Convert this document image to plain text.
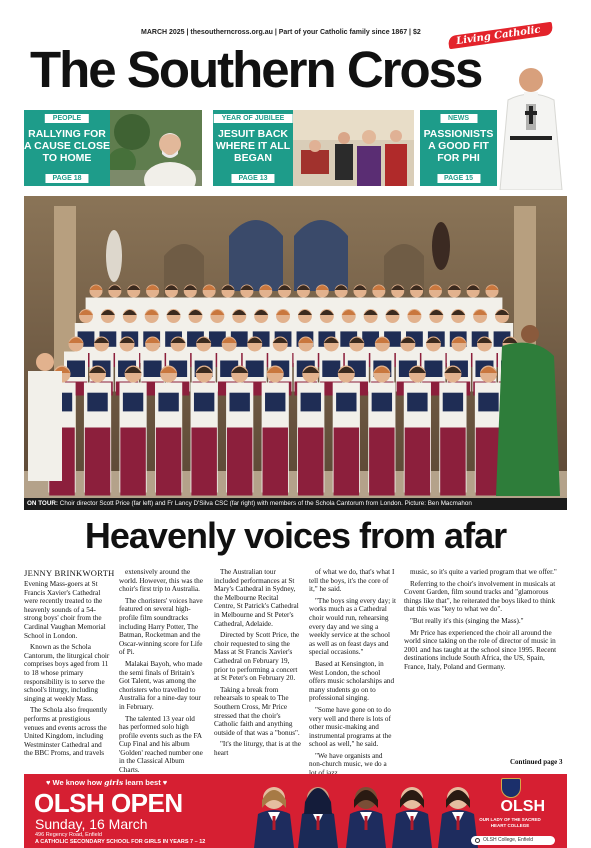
MARCH 2025 | thesoutherncross.org.au | Part of your Catholic family since 1867 | $2	Living Catholic
The Southern Cross
PEOPLE
RALLYING FOR A CAUSE CLOSE TO HOME
PAGE 18
YEAR OF JUBILEE
JESUIT BACK WHERE IT ALL BEGAN
PAGE 13
NEWS
PASSIONISTS A GOOD FIT FOR PHI
PAGE 15
ON TOUR: Choir director Scott Price (far left) and Fr Lancy D'Silva CSC (far right) with members of the Schola Cantorum from London. Picture: Ben Macmahon
Heavenly voices from afar
JENNY BRINKWORTH

Evening Mass-goers at St Francis Xavier's Cathedral were recently treated to the heavenly sounds of a 54-strong boys' choir from the Cardinal Vaughan Memorial School in London.

Known as the Schola Cantorum, the liturgical choir comprises boys aged from 11 to 18 whose primary responsibility is to serve the school's liturgy, including singing at weekly Mass.

The Schola also frequently performs at prestigious venues and events across the United Kingdom, including Westminster Cathedral and the BBC Proms, and travels

extensively around the world. However, this was the choir's first trip to Australia.

The choristers' voices have featured on several high-profile film soundtracks including Harry Potter, The Batman, Rocketman and the Oscar-winning score for Life of Pi.

Malakai Bayoh, who made the semi finals of Britain's Got Talent, was among the choristers who travelled to Australia for a nine-day tour in February.

The talented 13 year old has performed solo high profile events such as the FA Cup Final and his album 'Golden' reached number one in the Classical Album Charts.

The Australian tour included performances at St Mary's Cathedral in Sydney, the Melbourne Recital Centre, St Patrick's Cathedral in Melbourne and St Peter's Cathedral, Adelaide.

Directed by Scott Price, the choir requested to sing the Mass at St Francis Xavier's Cathedral on February 19, prior to performing a concert at St Peter's on February 20.

Taking a break from rehearsals to speak to The Southern Cross, Mr Price stressed that the choir's Catholic faith and anything outside of that was a "bonus".

"It's the liturgy, that is at the heart

of what we do, that's what I tell the boys, it's the core of it," he said.

"The boys sing every day; it works much as a Cathedral choir would run, rehearsing every day and we sing a weekly service at the school as well as on feast days and special occasions."

Based at Kensington, in West London, the school offers music scholarships and many students go on to professional singing.

"Some have gone on to do very well and there is lots of other music-making and instrumental programs at the school as well," he said.

"We have organists and non-church music, we do a

music, so it's quite a varied program that we offer."

Referring to the choir's involvement in musicals at Covent Garden, film sound tracks and "glamorous things like that", he reiterated the boys liked to think that this was "key to what we do".

"But really it's this (singing the Mass)."

Mr Price has experienced the choir all around the world since taking on the role of director of music in 2001 and has taught at the school since 1995. Recent destinations include South Africa, the US, Spain, France, Italy, Poland and Germany.

Continued page 3
♥ We know how girls learn best ♥
OLSH OPEN
Sunday, 16 March
496 Regency Road, Enfield
A CATHOLIC SECONDARY SCHOOL FOR GIRLS IN YEARS 7 – 12
OLSH
OUR LADY OF THE SACRED HEART COLLEGE
OLSH College, Enfield
